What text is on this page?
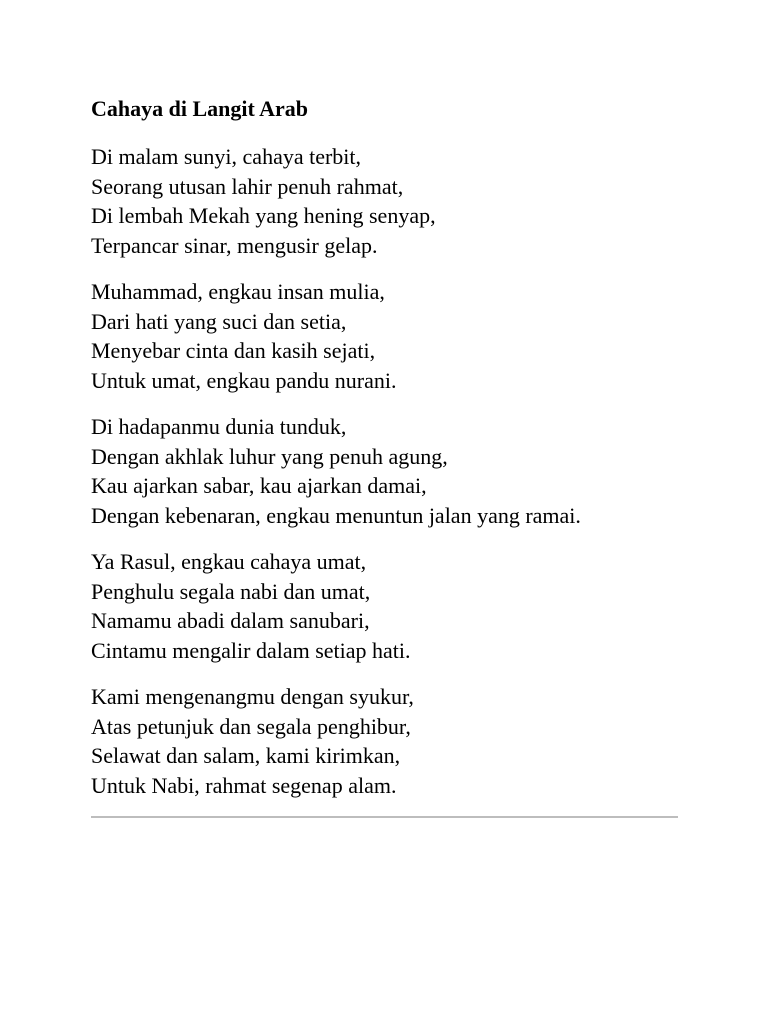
Cahaya di Langit Arab
Di malam sunyi, cahaya terbit,
Seorang utusan lahir penuh rahmat,
Di lembah Mekah yang hening senyap,
Terpancar sinar, mengusir gelap.
Muhammad, engkau insan mulia,
Dari hati yang suci dan setia,
Menyebar cinta dan kasih sejati,
Untuk umat, engkau pandu nurani.
Di hadapanmu dunia tunduk,
Dengan akhlak luhur yang penuh agung,
Kau ajarkan sabar, kau ajarkan damai,
Dengan kebenaran, engkau menuntun jalan yang ramai.
Ya Rasul, engkau cahaya umat,
Penghulu segala nabi dan umat,
Namamu abadi dalam sanubari,
Cintamu mengalir dalam setiap hati.
Kami mengenangmu dengan syukur,
Atas petunjuk dan segala penghibur,
Selawat dan salam, kami kirimkan,
Untuk Nabi, rahmat segenap alam.
